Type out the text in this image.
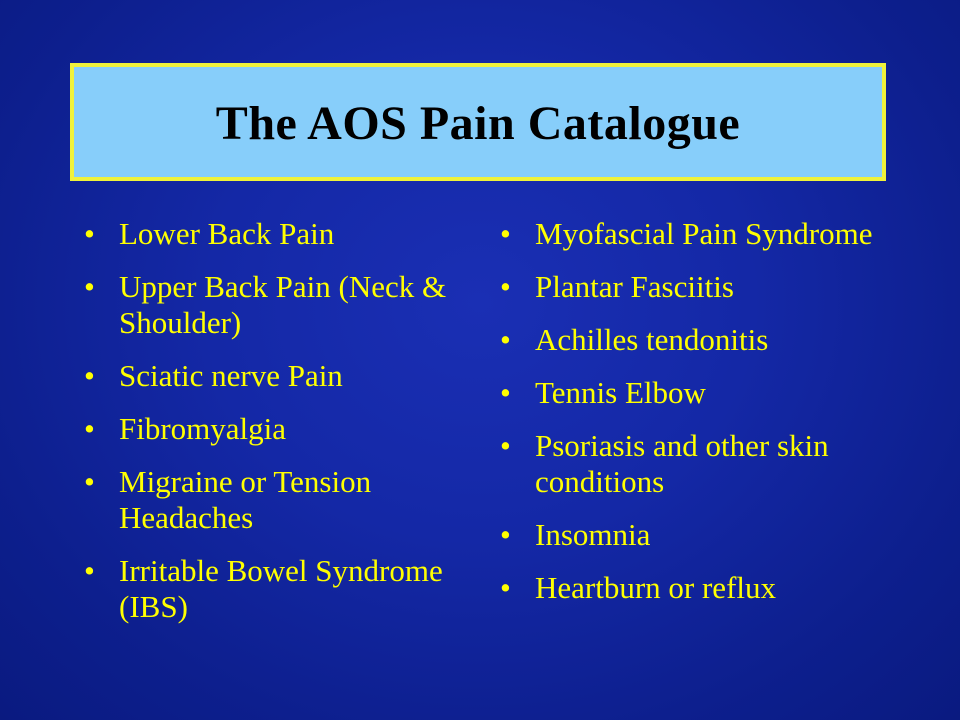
The AOS Pain Catalogue
• Lower Back Pain
• Upper Back Pain (Neck & Shoulder)
• Sciatic nerve Pain
• Fibromyalgia
• Migraine or Tension Headaches
• Irritable Bowel Syndrome (IBS)
• Myofascial Pain Syndrome
• Plantar Fasciitis
• Achilles tendonitis
• Tennis Elbow
• Psoriasis and other skin conditions
• Insomnia
• Heartburn or reflux
